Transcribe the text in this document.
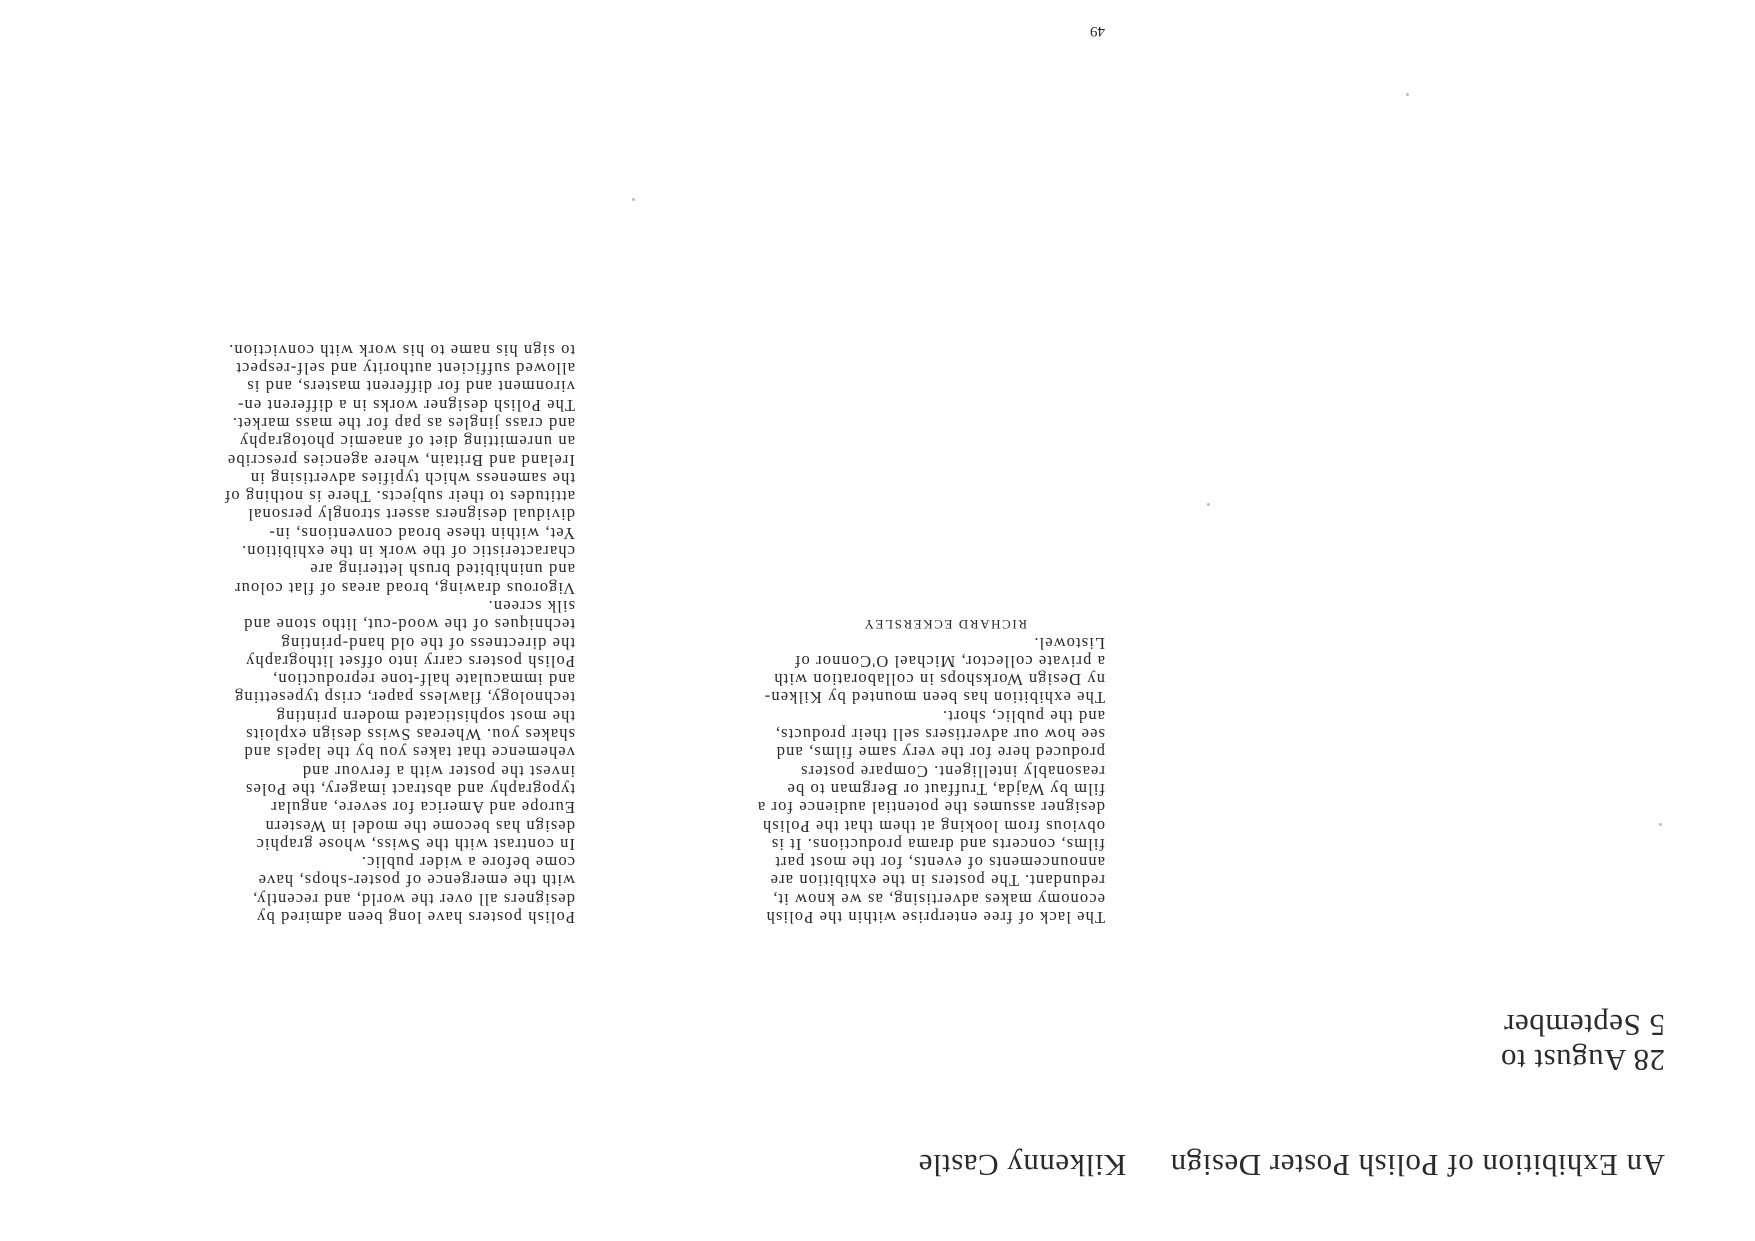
An Exhibition of Polish Poster DesignKilkenny Castle
28 August to
5 September

The lack of free enterprise within the Polish

economy makes advertising, as we know it,

redundant. The posters in the exhibition are

announcements of events, for the most part

films, concerts and drama productions. It is

obvious from looking at them that the Polish

designer assumes the potential audience for a

film by Wajda, Truffaut or Bergman to be

reasonably intelligent. Compare posters

produced here for the very same films, and

see how our advertisers sell their products,

and the public, short.

The exhibition has been mounted by Kilken-

ny Design Workshops in collaboration with

a private collector, Michael O'Connor of

Listowel.

RICHARD ECKERSLEY

Polish posters have long been admired by

designers all over the world, and recently,

with the emergence of poster-shops, have

come before a wider public.

In contrast with the Swiss, whose graphic

design has become the model in Western

Europe and America for severe, angular

typography and abstract imagery, the Poles

invest the poster with a fervour and

vehemence that takes you by the lapels and

shakes you. Whereas Swiss design exploits

the most sophisticated modern printing

technology, flawless paper, crisp typesetting

and immaculate half-tone reproduction,

Polish posters carry into offset lithography

the directness of the old hand-printing

techniques of the wood-cut, litho stone and

silk screen.

Vigorous drawing, broad areas of flat colour

and uninhibited brush lettering are

characteristic of the work in the exhibition.

Yet, within these broad conventions, in-

dividual designers assert strongly personal

attitudes to their subjects. There is nothing of

the sameness which typifies advertising in

Ireland and Britain, where agencies prescribe

an unremitting diet of anaemic photography

and crass jingles as pap for the mass market.

The Polish designer works in a different en-

vironment and for different masters, and is

allowed sufficient authority and self-respect

to sign his name to his work with conviction.

49
